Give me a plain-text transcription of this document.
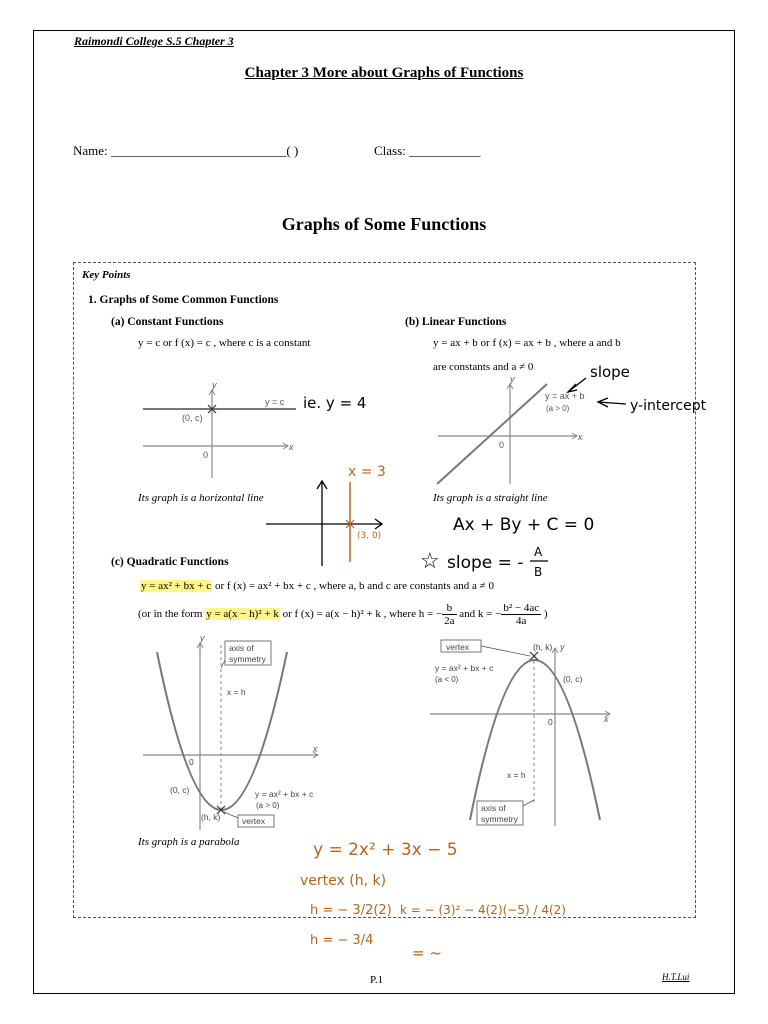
Raimondi College S.5 Chapter 3
Chapter 3 More about Graphs of Functions
Name: ___________________________( )	Class: ___________
Graphs of Some Functions
Key Points
1. Graphs of Some Common Functions
(a) Constant Functions
y = c or f (x) = c , where c is a constant
Its graph is a horizontal line
(b) Linear Functions
y = ax + b or f (x) = ax + b , where a and b
are constants and a ≠ 0
Its graph is a straight line
(c) Quadratic Functions
y = ax² + bx + c or f (x) = ax² + bx + c , where a, b and c are constants and a ≠ 0
(or in the form y = a(x − h)² + k or f (x) = a(x − h)² + k , where h = − $\frac{b}{2a}$ and k = − $\frac{\text{b² − 4ac}}{4a}$ )
Its graph is a parabola
y
x
y = c
(0, c)
0
ie. y = 4
x = 3
(3, 0)
y
x
y = ax + b
(a > 0)
0
slope
y-intercept
Ax + By + C = 0
☆ slope = -
A
B
y
x
axis of
symmetry
x = h
0
(0, c)	y = ax² + bx + c
(a > 0)
(h, k)	vertex
y
x
vertex	(h, k)
y = ax² + bx + c
(a < 0)	(0, c)
0
x = h
axis of
symmetry
y = 2x² + 3x − 5
vertex (h, k)
h = − 3/2(2) k = − (3)² − 4(2)(−5) / 4(2)
h = − 3/4
= ~
P.1	H.T.Lui
